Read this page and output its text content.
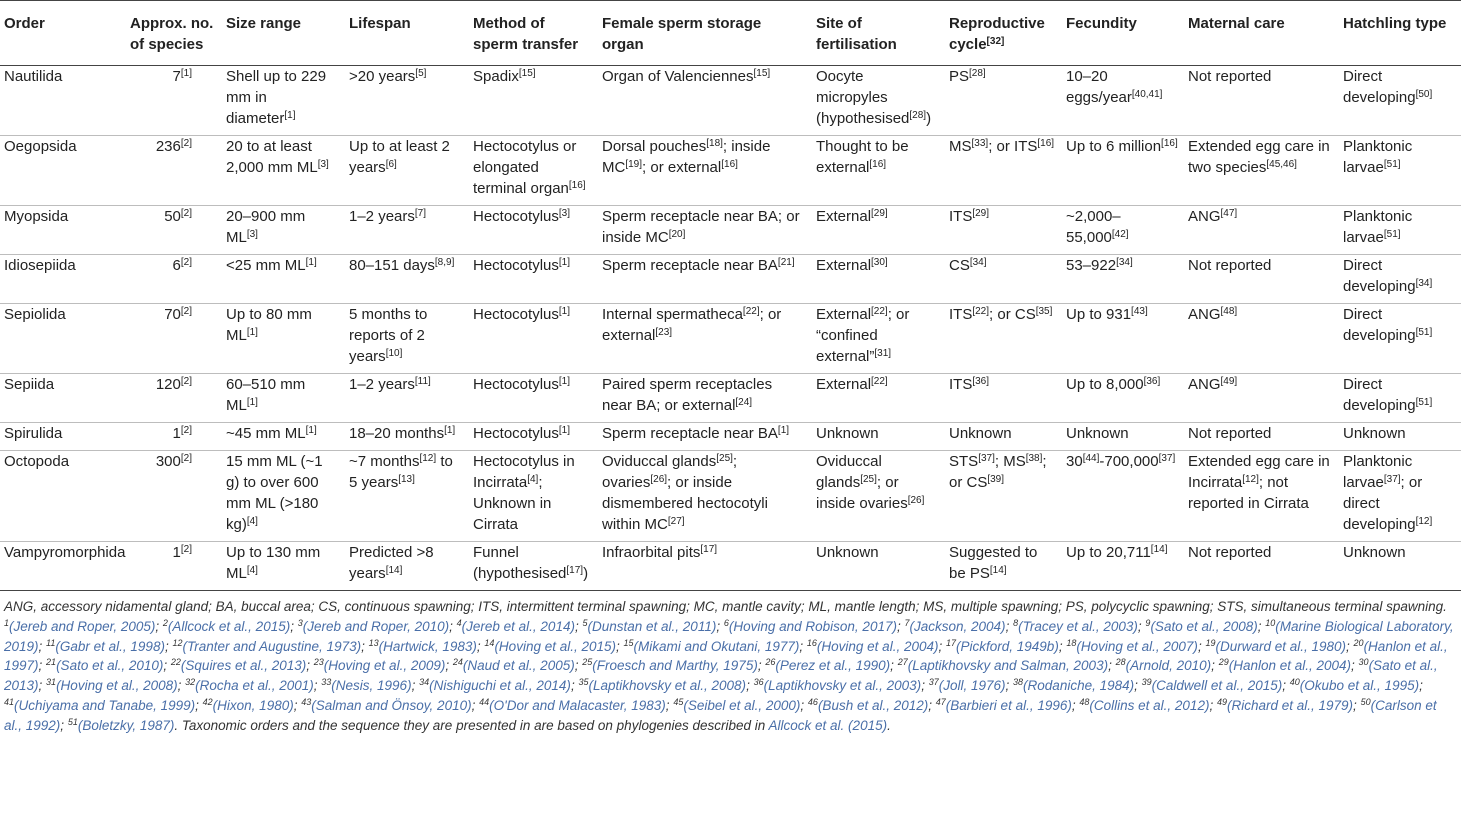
Order	Approx. no. of species	Size range	Lifespan	Method of sperm transfer	Female sperm storage organ	Site of fertilisation	Reproductive cycle[32]	Fecundity	Maternal care	Hatchling type
Nautilida	7[1]	Shell up to 229 mm in diameter[1]	>20 years[5]	Spadix[15]	Organ of Valenciennes[15]	Oocyte micropyles (hypothesised[28])	PS[28]	10–20 eggs/year[40,41]	Not reported	Direct developing[50]
Oegopsida	236[2]	20 to at least 2,000 mm ML[3]	Up to at least 2 years[6]	Hectocotylus or elongated terminal organ[16]	Dorsal pouches[18]; inside MC[19]; or external[16]	Thought to be external[16]	MS[33]; or ITS[16]	Up to 6 million[16]	Extended egg care in two species[45,46]	Planktonic larvae[51]
Myopsida	50[2]	20–900 mm ML[3]	1–2 years[7]	Hectocotylus[3]	Sperm receptacle near BA; or inside MC[20]	External[29]	ITS[29]	~2,000–55,000[42]	ANG[47]	Planktonic larvae[51]
Idiosepiida	6[2]	<25 mm ML[1]	80–151 days[8,9]	Hectocotylus[1]	Sperm receptacle near BA[21]	External[30]	CS[34]	53–922[34]	Not reported	Direct developing[34]
Sepiolida	70[2]	Up to 80 mm ML[1]	5 months to reports of 2 years[10]	Hectocotylus[1]	Internal spermatheca[22]; or external[23]	External[22]; or “confined external”[31]	ITS[22]; or CS[35]	Up to 931[43]	ANG[48]	Direct developing[51]
Sepiida	120[2]	60–510 mm ML[1]	1–2 years[11]	Hectocotylus[1]	Paired sperm receptacles near BA; or external[24]	External[22]	ITS[36]	Up to 8,000[36]	ANG[49]	Direct developing[51]
Spirulida	1[2]	~45 mm ML[1]	18–20 months[1]	Hectocotylus[1]	Sperm receptacle near BA[1]	Unknown	Unknown	Unknown	Not reported	Unknown
Octopoda	300[2]	15 mm ML (~1 g) to over 600 mm ML (>180 kg)[4]	~7 months[12] to 5 years[13]	Hectocotylus in Incirrata[4]; Unknown in Cirrata	Oviduccal glands[25]; ovaries[26]; or inside dismembered hectocotyli within MC[27]	Oviduccal glands[25]; or inside ovaries[26]	STS[37]; MS[38]; or CS[39]	30[44]-700,000[37]	Extended egg care in Incirrata[12]; not reported in Cirrata	Planktonic larvae[37]; or direct developing[12]
Vampyromorphida	1[2]	Up to 130 mm ML[4]	Predicted >8 years[14]	Funnel (hypothesised[17])	Infraorbital pits[17]	Unknown	Suggested to be PS[14]	Up to 20,711[14]	Not reported	Unknown
ANG, accessory nidamental gland; BA, buccal area; CS, continuous spawning; ITS, intermittent terminal spawning; MC, mantle cavity; ML, mantle length; MS, multiple spawning; PS, polycyclic spawning; STS, simultaneous terminal spawning. $^1$(Jereb and Roper, 2005); $^2$(Allcock et al., 2015); $^3$(Jereb and Roper, 2010); $^4$(Jereb et al., 2014); $^5$(Dunstan et al., 2011); $^6$(Hoving and Robison, 2017); $^7$(Jackson, 2004); $^8$(Tracey et al., 2003); $^9$(Sato et al., 2008); $^{10}$(Marine Biological Laboratory, 2019); $^{11}$(Gabr et al., 1998); $^{12}$(Tranter and Augustine, 1973); $^{13}$(Hartwick, 1983); $^{14}$(Hoving et al., 2015); $^{15}$(Mikami and Okutani, 1977); $^{16}$(Hoving et al., 2004); $^{17}$(Pickford, 1949b); $^{18}$(Hoving et al., 2007); $^{19}$(Durward et al., 1980); $^{20}$(Hanlon et al., 1997); $^{21}$(Sato et al., 2010); $^{22}$(Squires et al., 2013); $^{23}$(Hoving et al., 2009); $^{24}$(Naud et al., 2005); $^{25}$(Froesch and Marthy, 1975); $^{26}$(Perez et al., 1990); $^{27}$(Laptikhovsky and Salman, 2003); $^{28}$(Arnold, 2010); $^{29}$(Hanlon et al., 2004); $^{30}$(Sato et al., 2013); $^{31}$(Hoving et al., 2008); $^{32}$(Rocha et al., 2001); $^{33}$(Nesis, 1996); $^{34}$(Nishiguchi et al., 2014); $^{35}$(Laptikhovsky et al., 2008); $^{36}$(Laptikhovsky et al., 2003); $^{37}$(Joll, 1976); $^{38}$(Rodaniche, 1984); $^{39}$(Caldwell et al., 2015); $^{40}$(Okubo et al., 1995); $^{41}$(Uchiyama and Tanabe, 1999); $^{42}$(Hixon, 1980); $^{43}$(Salman and Önsoy, 2010); $^{44}$(O'Dor and Malacaster, 1983); $^{45}$(Seibel et al., 2000); $^{46}$(Bush et al., 2012); $^{47}$(Barbieri et al., 1996); $^{48}$(Collins et al., 2012); $^{49}$(Richard et al., 1979); $^{50}$(Carlson et al., 1992); $^{51}$(Boletzky, 1987). Taxonomic orders and the sequence they are presented in are based on phylogenies described in Allcock et al. (2015).
